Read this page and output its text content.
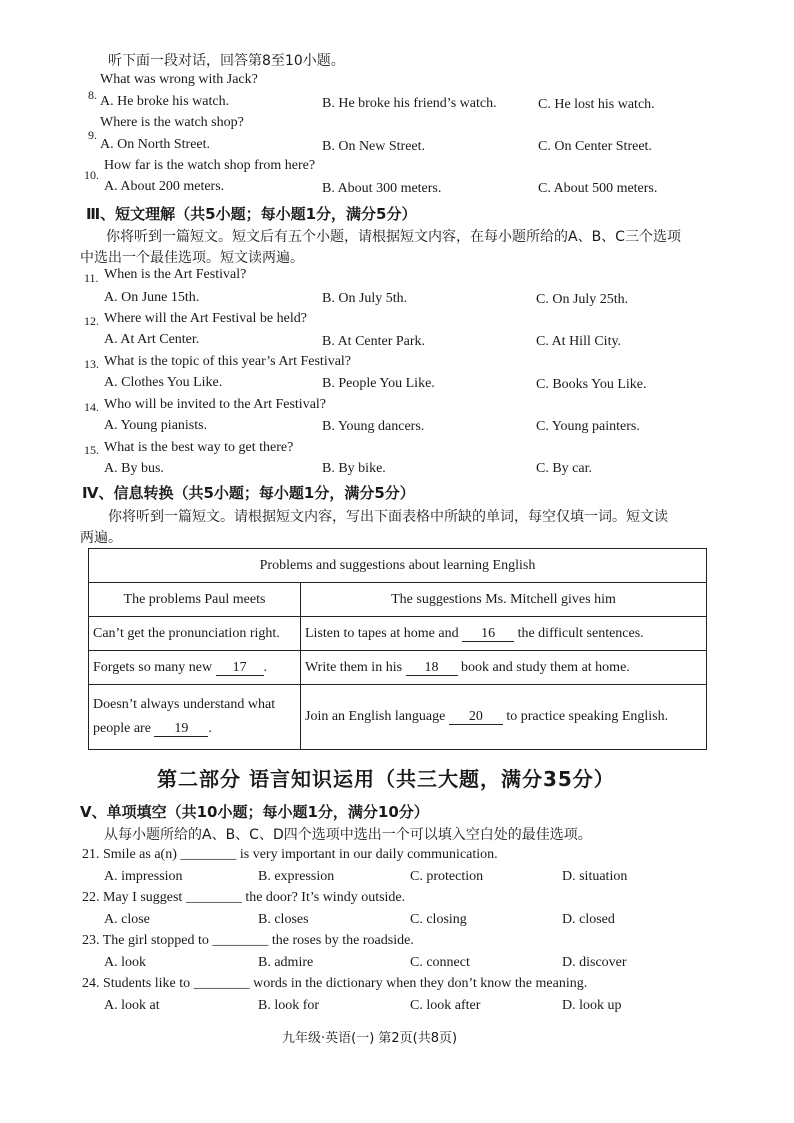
听下面一段对话，回答第8至10小题。
8.
What was wrong with Jack?
A. He broke his watch.	B. He broke his friend’s watch.	C. He lost his watch.
9.
Where is the watch shop?
A. On North Street.	B. On New Street.	C. On Center Street.
10.
How far is the watch shop from here?
A. About 200 meters.	B. About 300 meters.	C. About 500 meters.
Ⅲ、短文理解（共5小题；每小题1分，满分5分）
你将听到一篇短文。短文后有五个小题，请根据短文内容，在每小题所给的A、B、C三个选项
中选出一个最佳选项。短文读两遍。
11. When is the Art Festival?
A. On June 15th.	B. On July 5th.	C. On July 25th.
12. Where will the Art Festival be held?
A. At Art Center.	B. At Center Park.	C. At Hill City.
13. What is the topic of this year’s Art Festival?
A. Clothes You Like.	B. People You Like.	C. Books You Like.
14. Who will be invited to the Art Festival?
A. Young pianists.	B. Young dancers.	C. Young painters.
15. What is the best way to get there?
A. By bus.	B. By bike.	C. By car.
Ⅳ、信息转换（共5小题；每小题1分，满分5分）
你将听到一篇短文。请根据短文内容，写出下面表格中所缺的单词，每空仅填一词。短文读
两遍。
Problems and suggestions about learning English	
The problems Paul meets	The suggestions Ms. Mitchell gives him
Can’t get the pronunciation right.	Listen to tapes at home and 16 the difficult sentences.
Forgets so many new 17 .	Write them in his 18 book and study them at home.

Doesn’t always understand what
people are 19 .	Join an English language 20 to practice speaking English.
第二部分 语言知识运用（共三大题，满分35分）
Ⅴ、单项填空（共10小题；每小题1分，满分10分）
从每小题所给的A、B、C、D四个选项中选出一个可以填入空白处的最佳选项。
21. Smile as a(n) ________ is very important in our daily communication.
A. impression	B. expression	C. protection	D. situation
22. May I suggest ________ the door? It’s windy outside.
A. close	B. closes	C. closing	D. closed
23. The girl stopped to ________ the roses by the roadside.
A. look	B. admire	C. connect	D. discover
24. Students like to ________ words in the dictionary when they don’t know the meaning.
A. look at	B. look for	C. look after	D. look up
九年级·英语(一) 第2页(共8页)
